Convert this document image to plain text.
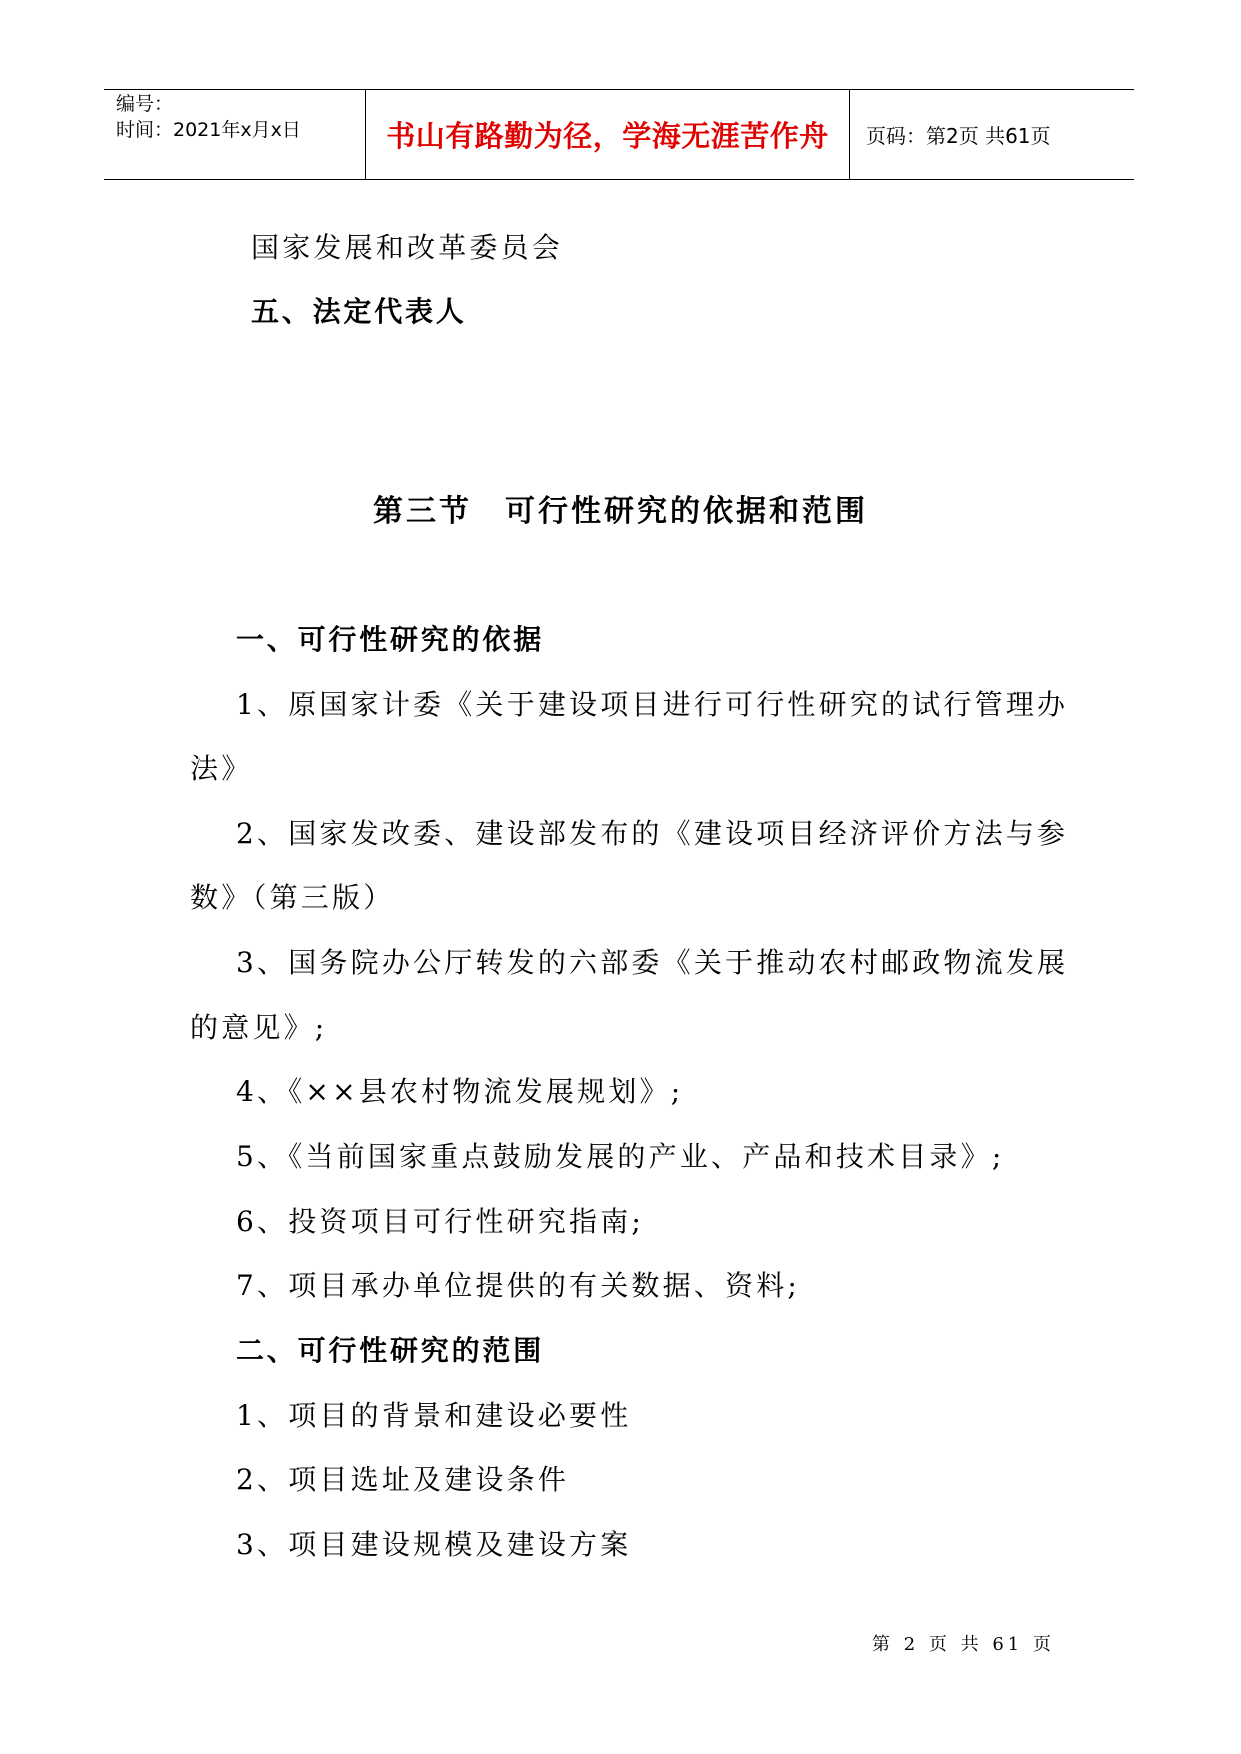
编号：
时间：2021年x月x日	书山有路勤为径，学海无涯苦作舟 页码：第2页 共61页
国家发展和改革委员会
五、法定代表人
第三节　可行性研究的依据和范围
一、可行性研究的依据
1、原国家计委《关于建设项目进行可行性研究的试行管理办
法》
2、国家发改委、建设部发布的《建设项目经济评价方法与参
数》（第三版）
3、国务院办公厅转发的六部委《关于推动农村邮政物流发展
的意见》;
4、《××县农村物流发展规划》;
5、《当前国家重点鼓励发展的产业、产品和技术目录》;
6、投资项目可行性研究指南;
7、项目承办单位提供的有关数据、资料;
二、可行性研究的范围
1、项目的背景和建设必要性
2、项目选址及建设条件
3、项目建设规模及建设方案
第 2 页 共 61 页
